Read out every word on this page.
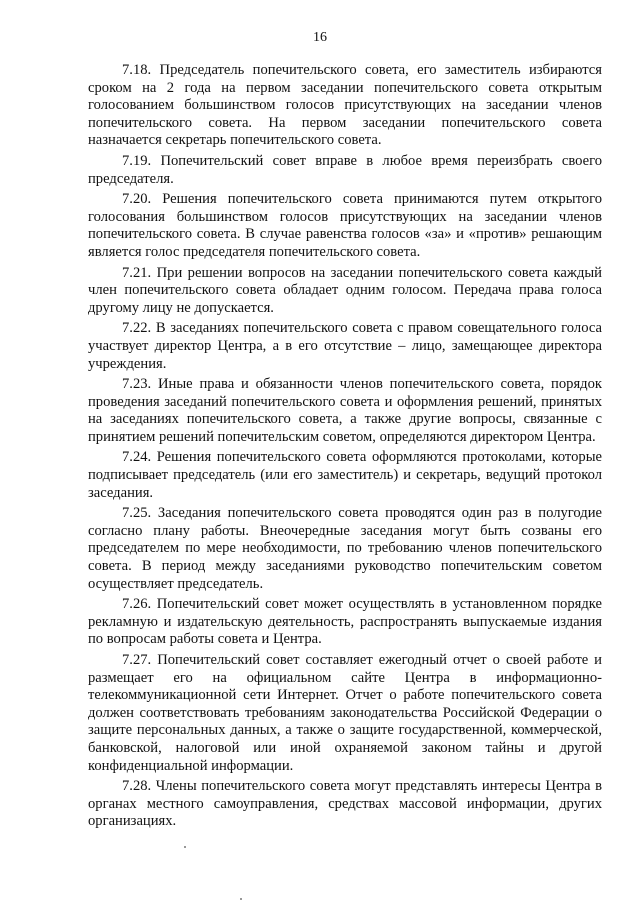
16

7.18. Председатель попечительского совета, его заместитель избираются сроком на 2 года на первом заседании попечительского совета открытым голосованием большинством голосов присутствующих на заседании членов попечительского совета. На первом заседании попечительского совета назначается секретарь попечительского совета.

7.19. Попечительский совет вправе в любое время переизбрать своего председателя.

7.20. Решения попечительского совета принимаются путем открытого голосования большинством голосов присутствующих на заседании членов попечительского совета. В случае равенства голосов «за» и «против» решающим является голос председателя попечительского совета.

7.21. При решении вопросов на заседании попечительского совета каждый член попечительского совета обладает одним голосом. Передача права голоса другому лицу не допускается.

7.22. В заседаниях попечительского совета с правом совещательного голоса участвует директор Центра, а в его отсутствие – лицо, замещающее директора учреждения.

7.23. Иные права и обязанности членов попечительского совета, порядок проведения заседаний попечительского совета и оформления решений, принятых на заседаниях попечительского совета, а также другие вопросы, связанные с принятием решений попечительским советом, определяются директором Центра.

7.24. Решения попечительского совета оформляются протоколами, которые подписывает председатель (или его заместитель) и секретарь, ведущий протокол заседания.

7.25. Заседания попечительского совета проводятся один раз в полугодие согласно плану работы. Внеочередные заседания могут быть созваны его председателем по мере необходимости, по требованию членов попечительского совета. В период между заседаниями руководство попечительским советом осуществляет председатель.

7.26. Попечительский совет может осуществлять в установленном порядке рекламную и издательскую деятельность, распространять выпускаемые издания по вопросам работы совета и Центра.

7.27. Попечительский совет составляет ежегодный отчет о своей работе и размещает его на официальном сайте Центра в информационно-телекоммуникационной сети Интернет. Отчет о работе попечительского совета должен соответствовать требованиям законодательства Российской Федерации о защите персональных данных, а также о защите государственной, коммерческой, банковской, налоговой или иной охраняемой законом тайны и другой конфиденциальной информации.

7.28. Члены попечительского совета могут представлять интересы Центра в органах местного самоуправления, средствах массовой информации, других организациях.
